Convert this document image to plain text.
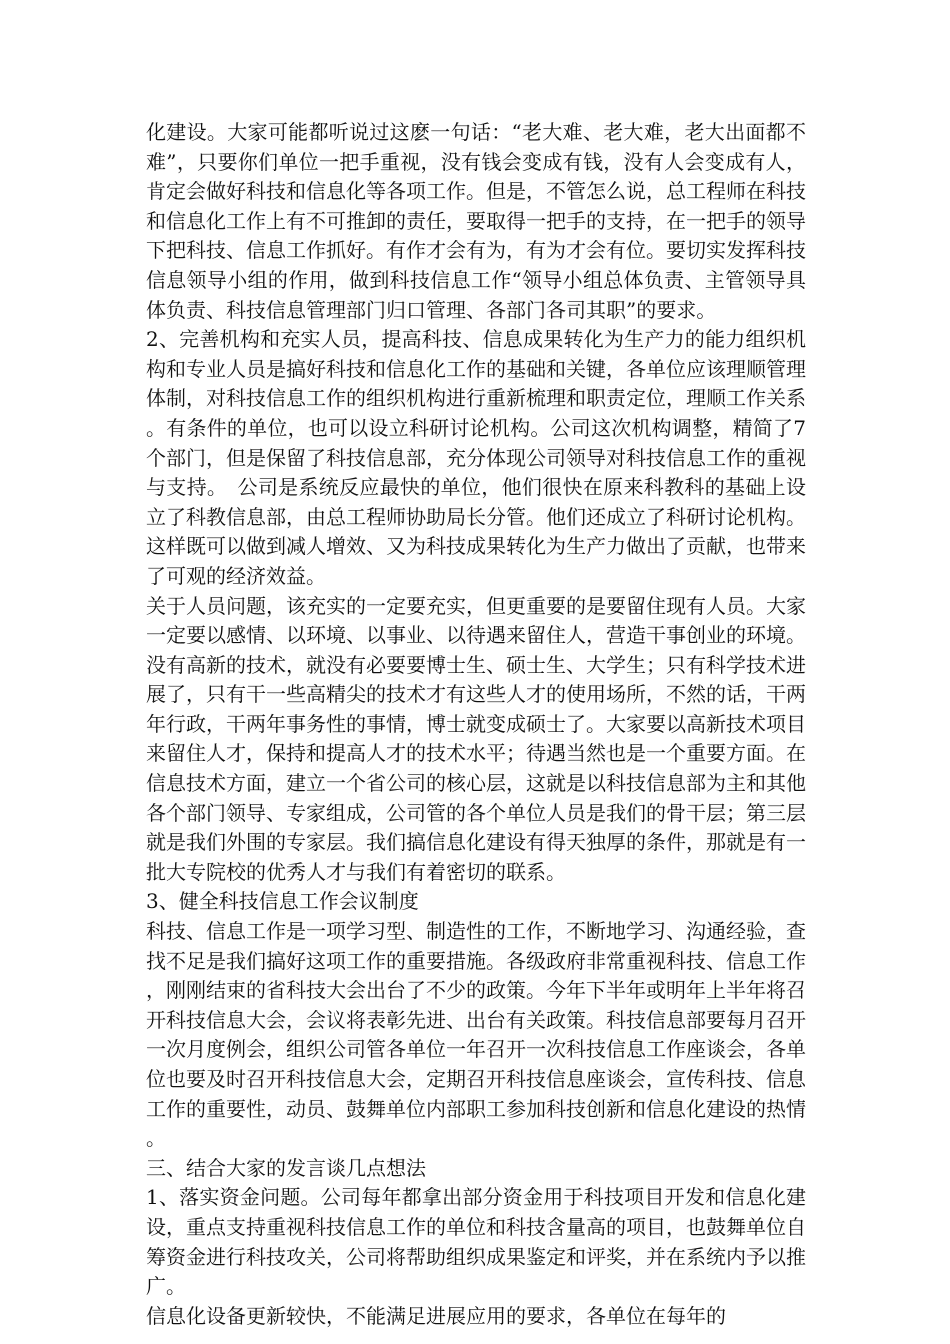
化建设。大家可能都听说过这麽一句话：“老大难、老大难，老大出面都不难”，只要你们单位一把手重视，没有钱会变成有钱，没有人会变成有人，肯定会做好科技和信息化等各项工作。但是，不管怎么说，总工程师在科技和信息化工作上有不可推卸的责任，要取得一把手的支持，在一把手的领导下把科技、信息工作抓好。有作才会有为，有为才会有位。要切实发挥科技信息领导小组的作用，做到科技信息工作“领导小组总体负责、主管领导具体负责、科技信息管理部门归口管理、各部门各司其职”的要求。

2、完善机构和充实人员，提高科技、信息成果转化为生产力的能力组织机构和专业人员是搞好科技和信息化工作的基础和关键，各单位应该理顺管理体制，对科技信息工作的组织机构进行重新梳理和职责定位，理顺工作关系。有条件的单位，也可以设立科研讨论机构。公司这次机构调整，精简了7个部门，但是保留了科技信息部，充分体现公司领导对科技信息工作的重视与支持。　公司是系统反应最快的单位，他们很快在原来科教科的基础上设立了科教信息部，由总工程师协助局长分管。他们还成立了科研讨论机构。这样既可以做到减人增效、又为科技成果转化为生产力做出了贡献，也带来了可观的经济效益。

关于人员问题，该充实的一定要充实，但更重要的是要留住现有人员。大家一定要以感情、以环境、以事业、以待遇来留住人，营造干事创业的环境。没有高新的技术，就没有必要要博士生、硕士生、大学生；只有科学技术进展了，只有干一些高精尖的技术才有这些人才的使用场所，不然的话，干两年行政，干两年事务性的事情，博士就变成硕士了。大家要以高新技术项目来留住人才，保持和提高人才的技术水平；待遇当然也是一个重要方面。在信息技术方面，建立一个省公司的核心层，这就是以科技信息部为主和其他各个部门领导、专家组成，公司管的各个单位人员是我们的骨干层；第三层就是我们外围的专家层。我们搞信息化建设有得天独厚的条件，那就是有一批大专院校的优秀人才与我们有着密切的联系。

3、健全科技信息工作会议制度

科技、信息工作是一项学习型、制造性的工作，不断地学习、沟通经验，查找不足是我们搞好这项工作的重要措施。各级政府非常重视科技、信息工作，刚刚结束的省科技大会出台了不少的政策。今年下半年或明年上半年将召开科技信息大会，会议将表彰先进、出台有关政策。科技信息部要每月召开一次月度例会，组织公司管各单位一年召开一次科技信息工作座谈会，各单位也要及时召开科技信息大会，定期召开科技信息座谈会，宣传科技、信息工作的重要性，动员、鼓舞单位内部职工参加科技创新和信息化建设的热情。

三、结合大家的发言谈几点想法

1、落实资金问题。公司每年都拿出部分资金用于科技项目开发和信息化建设，重点支持重视科技信息工作的单位和科技含量高的项目，也鼓舞单位自筹资金进行科技攻关，公司将帮助组织成果鉴定和评奖，并在系统内予以推广。

信息化设备更新较快，不能满足进展应用的要求，各单位在每年的
